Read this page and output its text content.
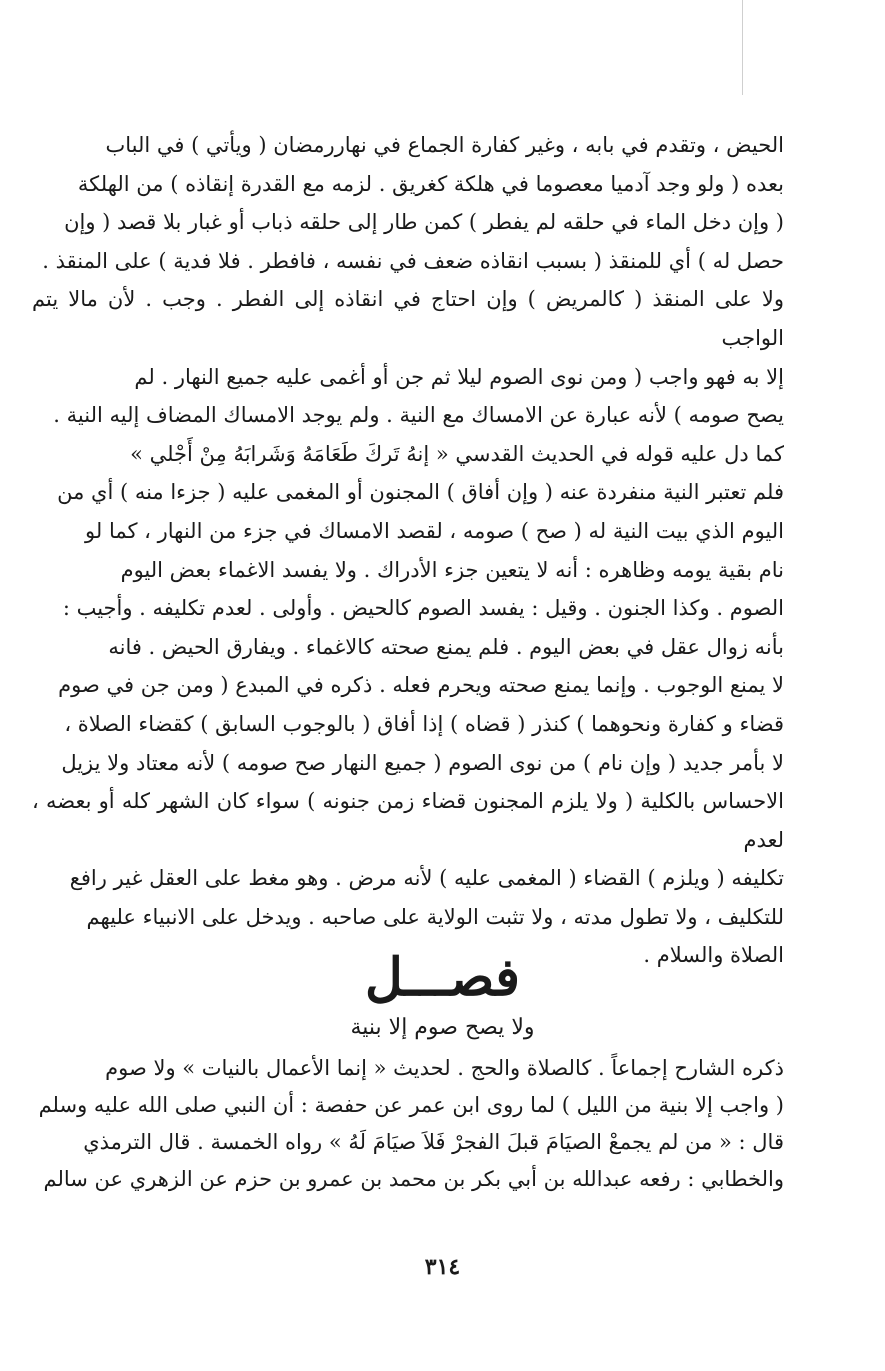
الحيض ، وتقدم في بابه ، وغير كفارة الجماع في نهاررمضان ( ويأتي ) في الباب

بعده ( ولو وجد آدميا معصوما في هلكة كغريق . لزمه مع القدرة إنقاذه ) من الهلكة

( وإن دخل الماء في حلقه لم يفطر ) كمن طار إلى حلقه ذباب أو غبار بلا قصد ( وإن

حصل له ) أي للمنقذ ( بسبب انقاذه ضعف في نفسه ، فافطر . فلا فدية ) على المنقذ .

ولا على المنقذ ( كالمريض ) وإن احتاج في انقاذه إلى الفطر . وجب . لأن مالا يتم الواجب

إلا به فهو واجب ( ومن نوى الصوم ليلا ثم جن أو أغمى عليه جميع النهار . لم

يصح صومه ) لأنه عبارة عن الامساك مع النية . ولم يوجد الامساك المضاف إليه النية .

كما دل عليه قوله في الحديث القدسي « إنهُ تَركَ طَعَامَهُ وَشَرابَهُ مِنْ أَجْلي »

فلم تعتبر النية منفردة عنه ( وإن أفاق ) المجنون أو المغمى عليه ( جزءا منه ) أي من

اليوم الذي بيت النية له ( صح ) صومه ، لقصد الامساك في جزء من النهار ، كما لو

نام بقية يومه وظاهره : أنه لا يتعين جزء الأدراك . ولا يفسد الاغماء بعض اليوم

الصوم . وكذا الجنون . وقيل : يفسد الصوم كالحيض . وأولى . لعدم تكليفه . وأجيب :

بأنه زوال عقل في بعض اليوم . فلم يمنع صحته كالاغماء . ويفارق الحيض . فانه

لا يمنع الوجوب . وإنما يمنع صحته ويحرم فعله . ذكره في المبدع ( ومن جن في صوم

قضاء و كفارة ونحوهما ) كنذر ( قضاه ) إذا أفاق ( بالوجوب السابق ) كقضاء الصلاة ،

لا بأمر جديد ( وإن نام ) من نوى الصوم ( جميع النهار صح صومه ) لأنه معتاد ولا يزيل

الاحساس بالكلية ( ولا يلزم المجنون قضاء زمن جنونه ) سواء كان الشهر كله أو بعضه ، لعدم

تكليفه ( ويلزم ) القضاء ( المغمى عليه ) لأنه مرض . وهو مغط على العقل غير رافع

للتكليف ، ولا تطول مدته ، ولا تثبت الولاية على صاحبه . ويدخل على الانبياء عليهم

الصلاة والسلام .

فصـــل
ولا يصح صوم إلا بنية

ذكره الشارح إجماعاً . كالصلاة والحج . لحديث « إنما الأعمال بالنيات » ولا صوم

( واجب إلا بنية من الليل ) لما روى ابن عمر عن حفصة : أن النبي صلى الله عليه وسلم

قال : « من لم يجمعْ الصيَامَ قبلَ الفجرْ فَلاَ صيَامَ لَهُ » رواه الخمسة . قال الترمذي

والخطابي : رفعه عبدالله بن أبي بكر بن محمد بن عمرو بن حزم عن الزهري عن سالم

٣١٤
